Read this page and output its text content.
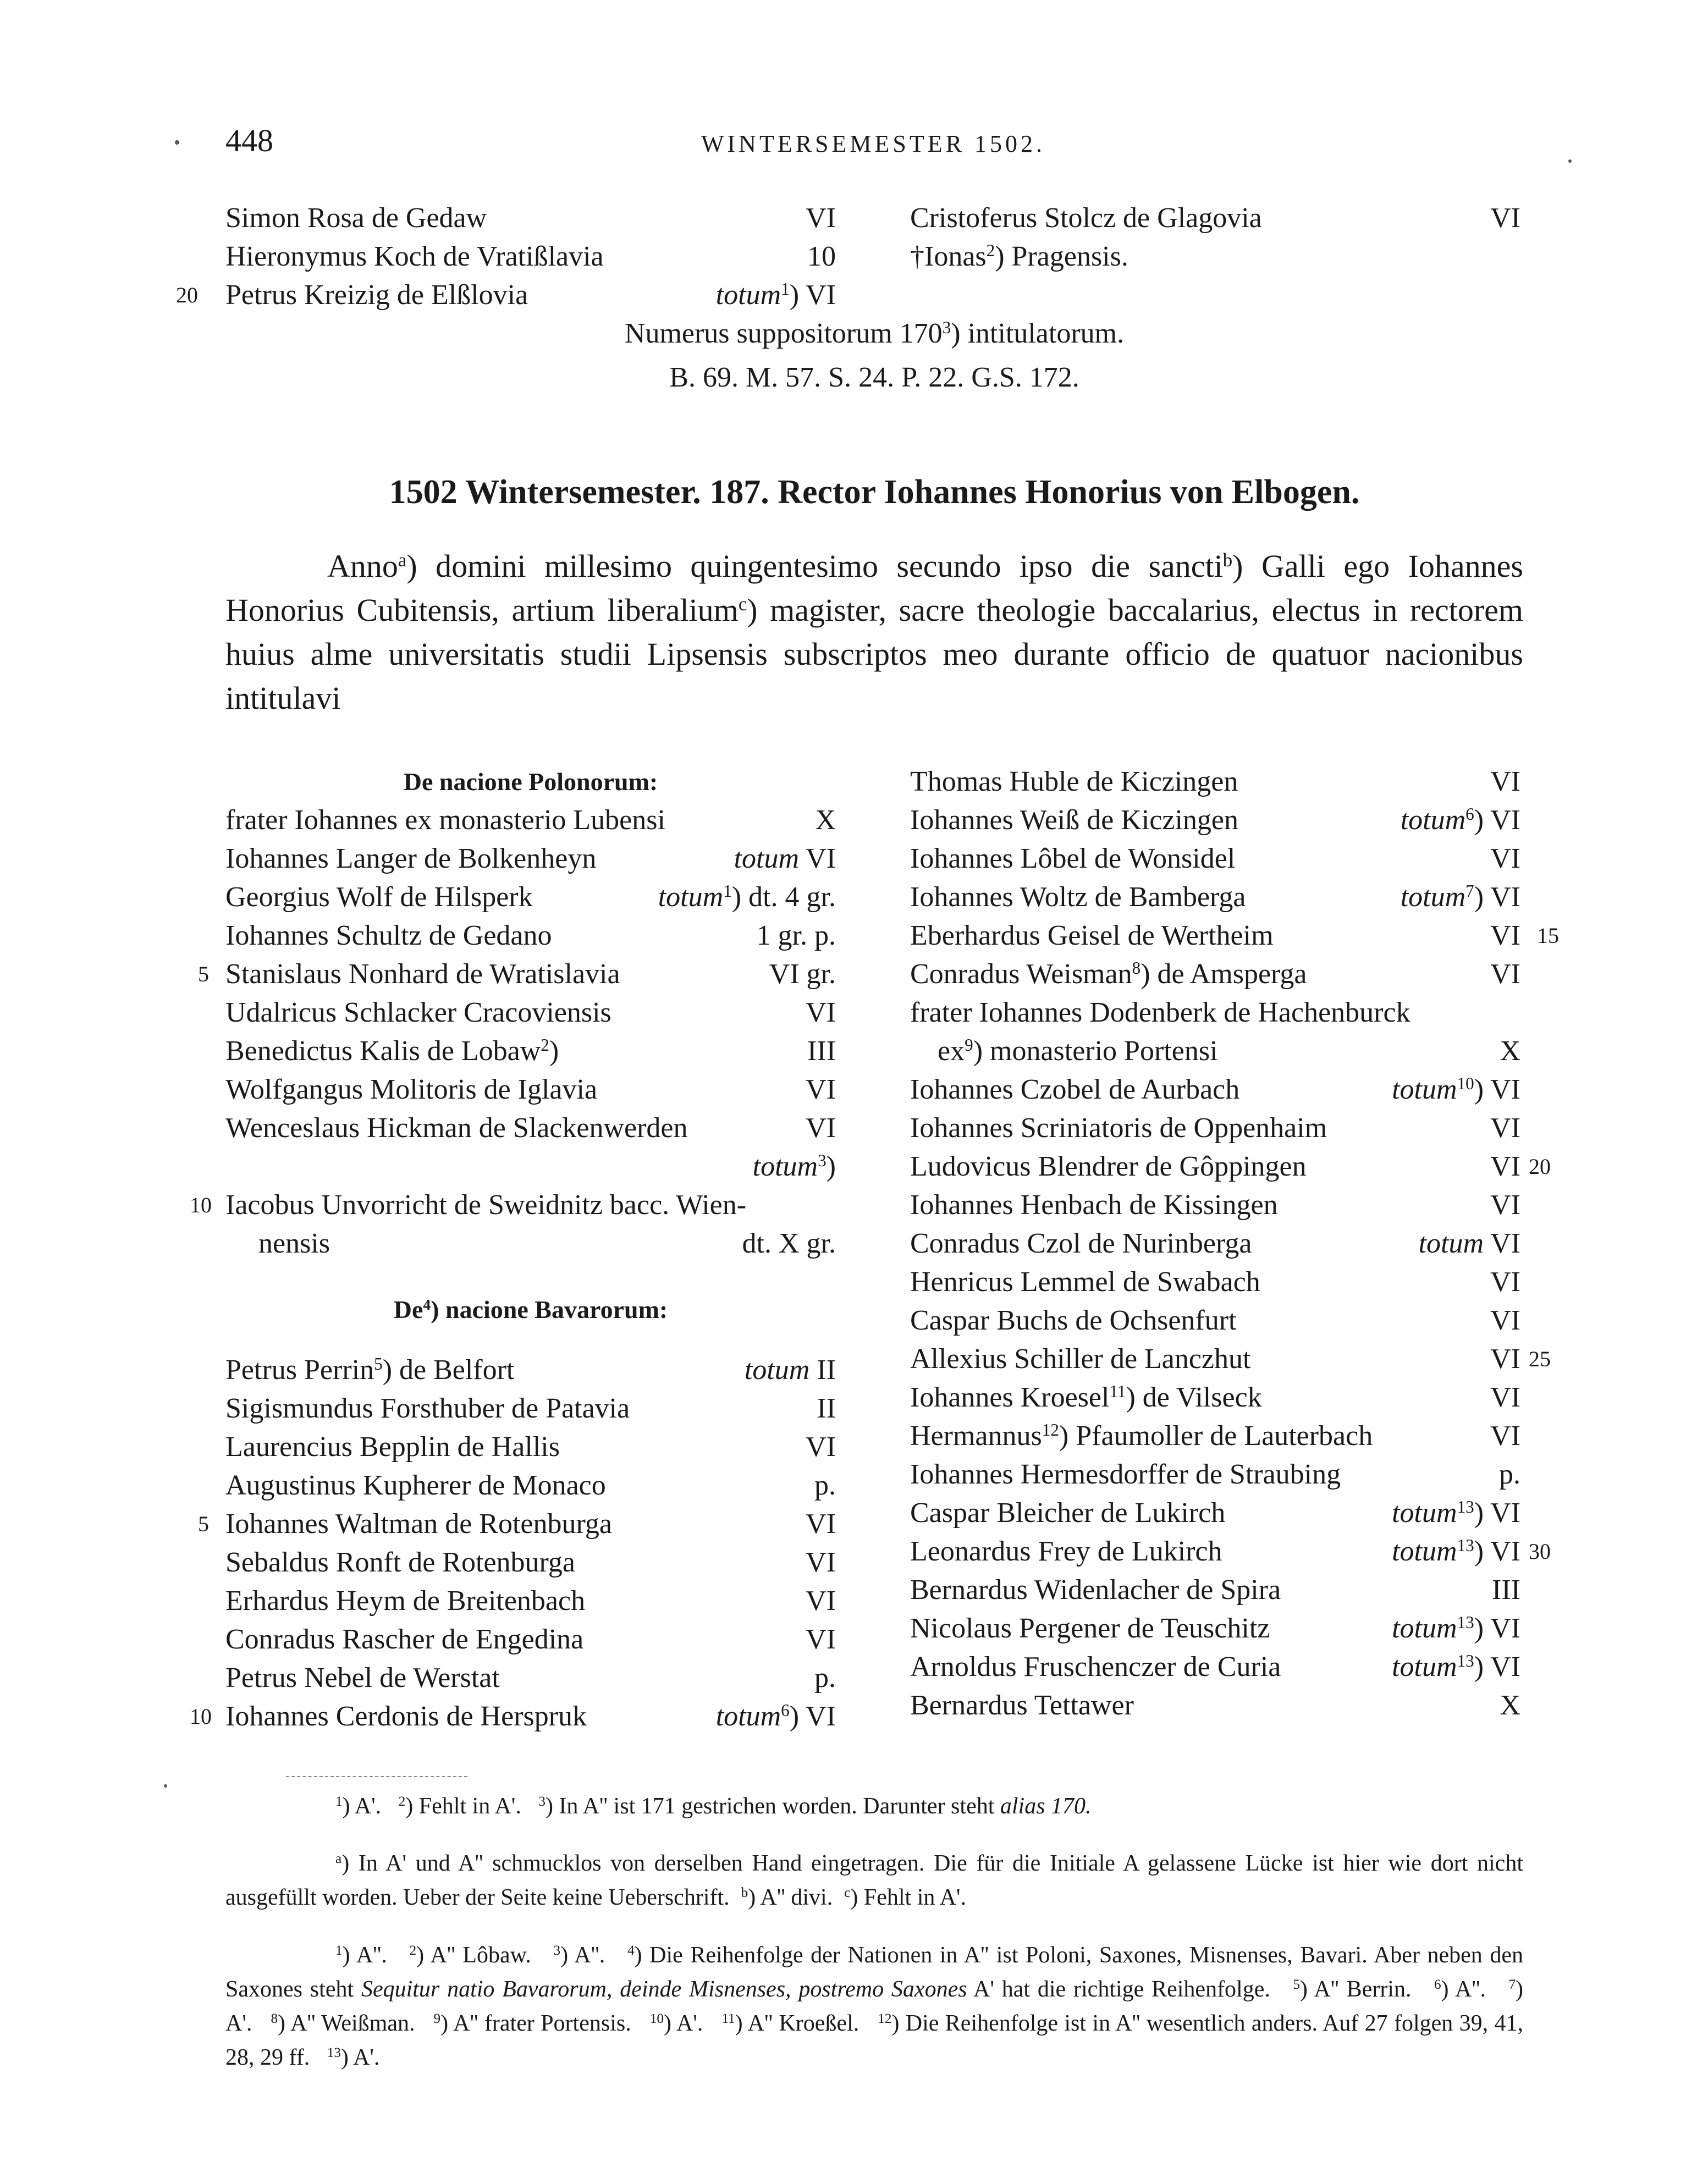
448	WINTERSEMESTER 1502.
Simon Rosa de Gedaw	VI
Hieronymus Koch de Vratißlavia	10
20 Petrus Kreizig de Elßlovia	totum$^1$) VI
Cristoferus Stolcz de Glagovia	VI
†Ionas$^2$) Pragensis.
Numerus suppositorum $170^3$) intitulatorum.
B. 69. M. 57. S. 24. P. 22. G.S. 172.
1502 Wintersemester. 187. Rector Iohannes Honorius von Elbogen.

Anno$^a$) domini millesimo quingentesimo secundo ipso die sancti$^b$) Galli ego Iohannes Honorius Cubitensis, artium liberalium$^c$) magister, sacre theologie baccalarius, electus in rectorem huius alme universitatis studii Lipsensis subscriptos meo durante officio de quatuor nacionibus intitulavi

De nacione Polonorum:
frater Iohannes ex monasterio Lubensi	X
Iohannes Langer de Bolkenheyn	totum VI
Georgius Wolf de Hilsperk	totum$^1$) dt. 4 gr.
Iohannes Schultz de Gedano	1 gr. p.
5 Stanislaus Nonhard de Wratislavia	VI gr.
Udalricus Schlacker Cracoviensis	VI
Benedictus Kalis de Lobaw$^2$)	III
Wolfgangus Molitoris de Iglavia	VI
Wenceslaus Hickman de Slackenwerden	VI
totum$^3$)
10 Iacobus Unvorricht de Sweidnitz bacc. Wien-
nensis	dt. X gr.
De$^4$) nacione Bavarorum:
Petrus Perrin$^5$) de Belfort	totum II
Sigismundus Forsthuber de Patavia	II
Laurencius Bepplin de Hallis	VI
Augustinus Kupherer de Monaco	p.
5 Iohannes Waltman de Rotenburga	VI
Sebaldus Ronft de Rotenburga	VI
Erhardus Heym de Breitenbach	VI
Conradus Rascher de Engedina	VI
Petrus Nebel de Werstat	p.
10 Iohannes Cerdonis de Herspruk	totum$^6$) VI
Thomas Huble de Kiczingen	VI
Iohannes Weiß de Kiczingen	totum$^6$) VI
Iohannes Lôbel de Wonsidel	VI
Iohannes Woltz de Bamberga	totum$^7$) VI
Eberhardus Geisel de Wertheim	VI 15
Conradus Weisman$^8$) de Amsperga	VI
frater Iohannes Dodenberk de Hachenburck
$ex^9$) monasterio Portensi	X
Iohannes Czobel de Aurbach	totum$^{10}$) VI
Iohannes Scriniatoris de Oppenhaim	VI
Ludovicus Blendrer de Gôppingen	VI 20
Iohannes Henbach de Kissingen	VI
Conradus Czol de Nurinberga	totum VI
Henricus Lemmel de Swabach	VI
Caspar Buchs de Ochsenfurt	VI
Allexius Schiller de Lanczhut	VI 25
Iohannes Kroesel$^{11}$) de Vilseck	VI
Hermannus$^{12}$) Pfaumoller de Lauterbach	VI
Iohannes Hermesdorffer de Straubing	p.
Caspar Bleicher de Lukirch	totum$^{13}$) VI
Leonardus Frey de Lukirch	totum$^{13}$) VI 30
Bernardus Widenlacher de Spira	III
Nicolaus Pergener de Teuschitz	totum$^{13}$) VI
Arnoldus Fruschenczer de Curia	totum$^{13}$) VI
Bernardus Tettawer	X

$^1$) A'. $^2$) Fehlt in A'. $^3$) In A'' ist 171 gestrichen worden. Darunter steht alias 170.

$^a$) In A' und A'' schmucklos von derselben Hand eingetragen. Die für die Initiale A gelassene Lücke ist hier wie dort nicht ausgefüllt worden. Ueber der Seite keine Ueberschrift. $^b$) A'' divi. $^c$) Fehlt in A'.

$^1$) A''. $^2$) A'' Lôbaw. $^3$) A''. $^4$) Die Reihenfolge der Nationen in A'' ist Poloni, Saxones, Misnenses, Bavari. Aber neben den Saxones steht Sequitur natio Bavarorum, deinde Misnenses, postremo Saxones A' hat die richtige Reihenfolge. $^5$) A'' Berrin. $^6$) A''. $^7$) A'. $^8$) A'' Weißman. $^9$) A'' frater Portensis. $^{10}$) A'. $^{11}$) A'' Kroeßel. $^{12}$) Die Reihenfolge ist in A'' wesentlich anders. Auf 27 folgen 39, 41, 28, 29 ff. $^{13}$) A'.
